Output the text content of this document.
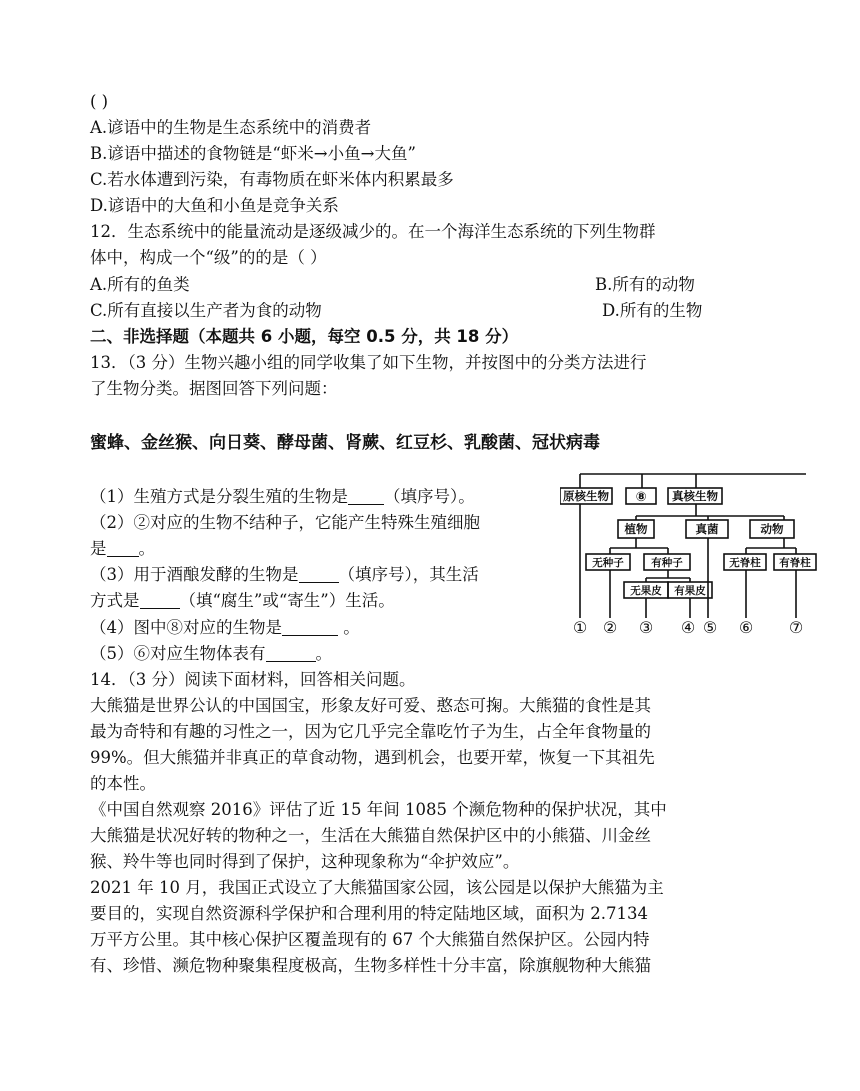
( )
A.谚语中的生物是生态系统中的消费者
B.谚语中描述的食物链是“虾米→小鱼→大鱼”
C.若水体遭到污染，有毒物质在虾米体内积累最多
D.谚语中的大鱼和小鱼是竞争关系
12．生态系统中的能量流动是逐级减少的。在一个海洋生态系统的下列生物群
体中，构成一个“级”的的是（ ）
A.所有的鱼类	B.所有的动物
C.所有直接以生产者为食的动物	D.所有的生物
二、非选择题（本题共 6 小题，每空 0.5 分，共 18 分）
13．（3 分）生物兴趣小组的同学收集了如下生物，并按图中的分类方法进行
了生物分类。据图回答下列问题：
蜜蜂、金丝猴、向日葵、酵母菌、肾蕨、红豆杉、乳酸菌、冠状病毒
（1）生殖方式是分裂生殖的生物是 （填序号）。
（2）②对应的生物不结种子，它能产生特殊生殖细胞
是 。
（3）用于酒酿发酵的生物是 （填序号），其生活
方式是 （填“腐生”或“寄生”）生活。
（4）图中⑧对应的生物是	。
（5）⑥对应生物体表有	。
原核生物 ⑧ 真核生物
植物	真菌	动物
无种子	有种子
无果皮 有果皮
无脊柱 有脊柱
① ② ③ ④ ⑤ ⑥ ⑦
14．（3 分）阅读下面材料，回答相关问题。
大熊猫是世界公认的中国国宝，形象友好可爱、憨态可掬。大熊猫的食性是其
最为奇特和有趣的习性之一，因为它几乎完全靠吃竹子为生，占全年食物量的
99%。但大熊猫并非真正的草食动物，遇到机会，也要开荤，恢复一下其祖先
的本性。
《中国自然观察 2016》评估了近 15 年间 1085 个濒危物种的保护状况，其中
大熊猫是状况好转的物种之一，生活在大熊猫自然保护区中的小熊猫、川金丝
猴、羚牛等也同时得到了保护，这种现象称为“伞护效应”。
2021 年 10 月，我国正式设立了大熊猫国家公园，该公园是以保护大熊猫为主
要目的，实现自然资源科学保护和合理利用的特定陆地区域，面积为 2.7134
万平方公里。其中核心保护区覆盖现有的 67 个大熊猫自然保护区。公园内特
有、珍惜、濒危物种聚集程度极高，生物多样性十分丰富，除旗舰物种大熊猫
